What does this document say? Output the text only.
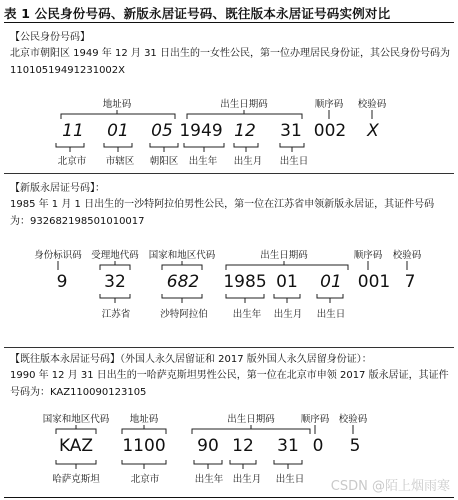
表 1 公民身份号码、新版永居证号码、既往版本永居证号码实例对比
【公民身份号码】
北京市朝阳区 1949 年 12 月 31 日出生的一女性公民，第一位办理居民身份证，其公民身份号码为 11010519491231002X
地址码	出生日期码	顺序码 校验码
11 01 05 1949 12 31 002 X
北京市 市辖区 朝阳区 出生年 出生月 出生日
【新版永居证号码】：
1985 年 1 月 1 日出生的一沙特阿拉伯男性公民，第一位在江苏省申领新版永居证，其证件号码为：932682198501010017
身份标识码 受理地代码 国家和地区代码	出生日期码	顺序码 校验码
9 32 682 1985 01 01 001 7
江苏省	沙特阿拉伯	出生年 出生月 出生日
【既往版本永居证号码】（外国人永久居留证和 2017 版外国人永久居留身份证）：
1990 年 12 月 31 日出生的一哈萨克斯坦男性公民，第一位在北京市申领 2017 版永居证，其证件号码为：KAZ110090123105
国家和地区代码 地址码	出生日期码	顺序码 校验码
KAZ 1100 90 12 31 0 5
哈萨克斯坦	北京市	出生年 出生月 出生日 CSDN @陌上烟雨寒
